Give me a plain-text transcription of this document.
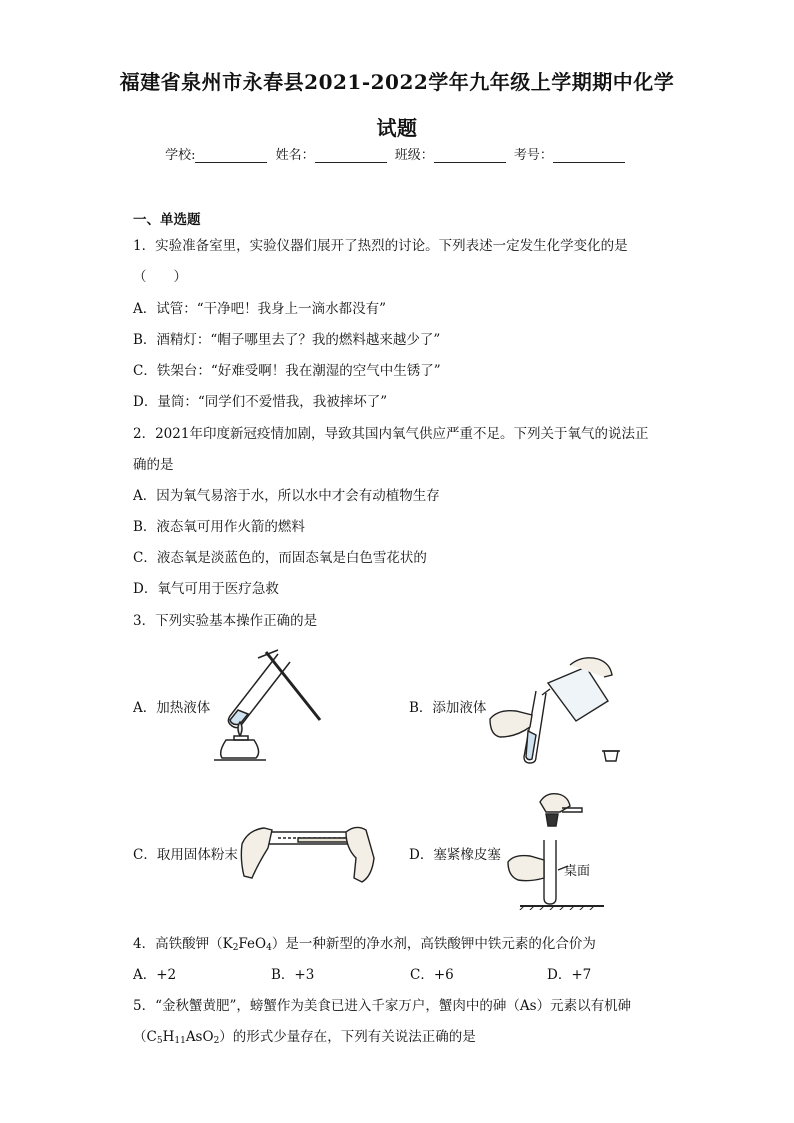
福建省泉州市永春县2021-2022学年九年级上学期期中化学
试题
学校:	姓名：	班级：	考号：
一、单选题
1．实验准备室里，实验仪器们展开了热烈的讨论。下列表述一定发生化学变化的是
（　　）
A．试管：“干净吧！我身上一滴水都没有”
B．酒精灯：“帽子哪里去了？我的燃料越来越少了”
C．铁架台：“好难受啊！我在潮湿的空气中生锈了”
D．量筒：“同学们不爱惜我，我被摔坏了”
2．2021年印度新冠疫情加剧，导致其国内氧气供应严重不足。下列关于氧气的说法正
确的是
A．因为氧气易溶于水，所以水中才会有动植物生存
B．液态氧可用作火箭的燃料
C．液态氧是淡蓝色的，而固态氧是白色雪花状的
D．氧气可用于医疗急救
3．下列实验基本操作正确的是
A．加热液体	B．添加液体
C．取用固体粉末	D．塞紧橡皮塞
桌面
4．高铁酸钾$(K_2FeO_4)$是一种新型的净水剂，高铁酸钾中铁元素的化合价为
A．+2	B．+3	C．+6	D．+7
5．“金秋蟹黄肥”，螃蟹作为美食已进入千家万户，蟹肉中的砷（As）元素以有机砷
$(C_5H_{11}AsO_2)$的形式少量存在，下列有关说法正确的是
